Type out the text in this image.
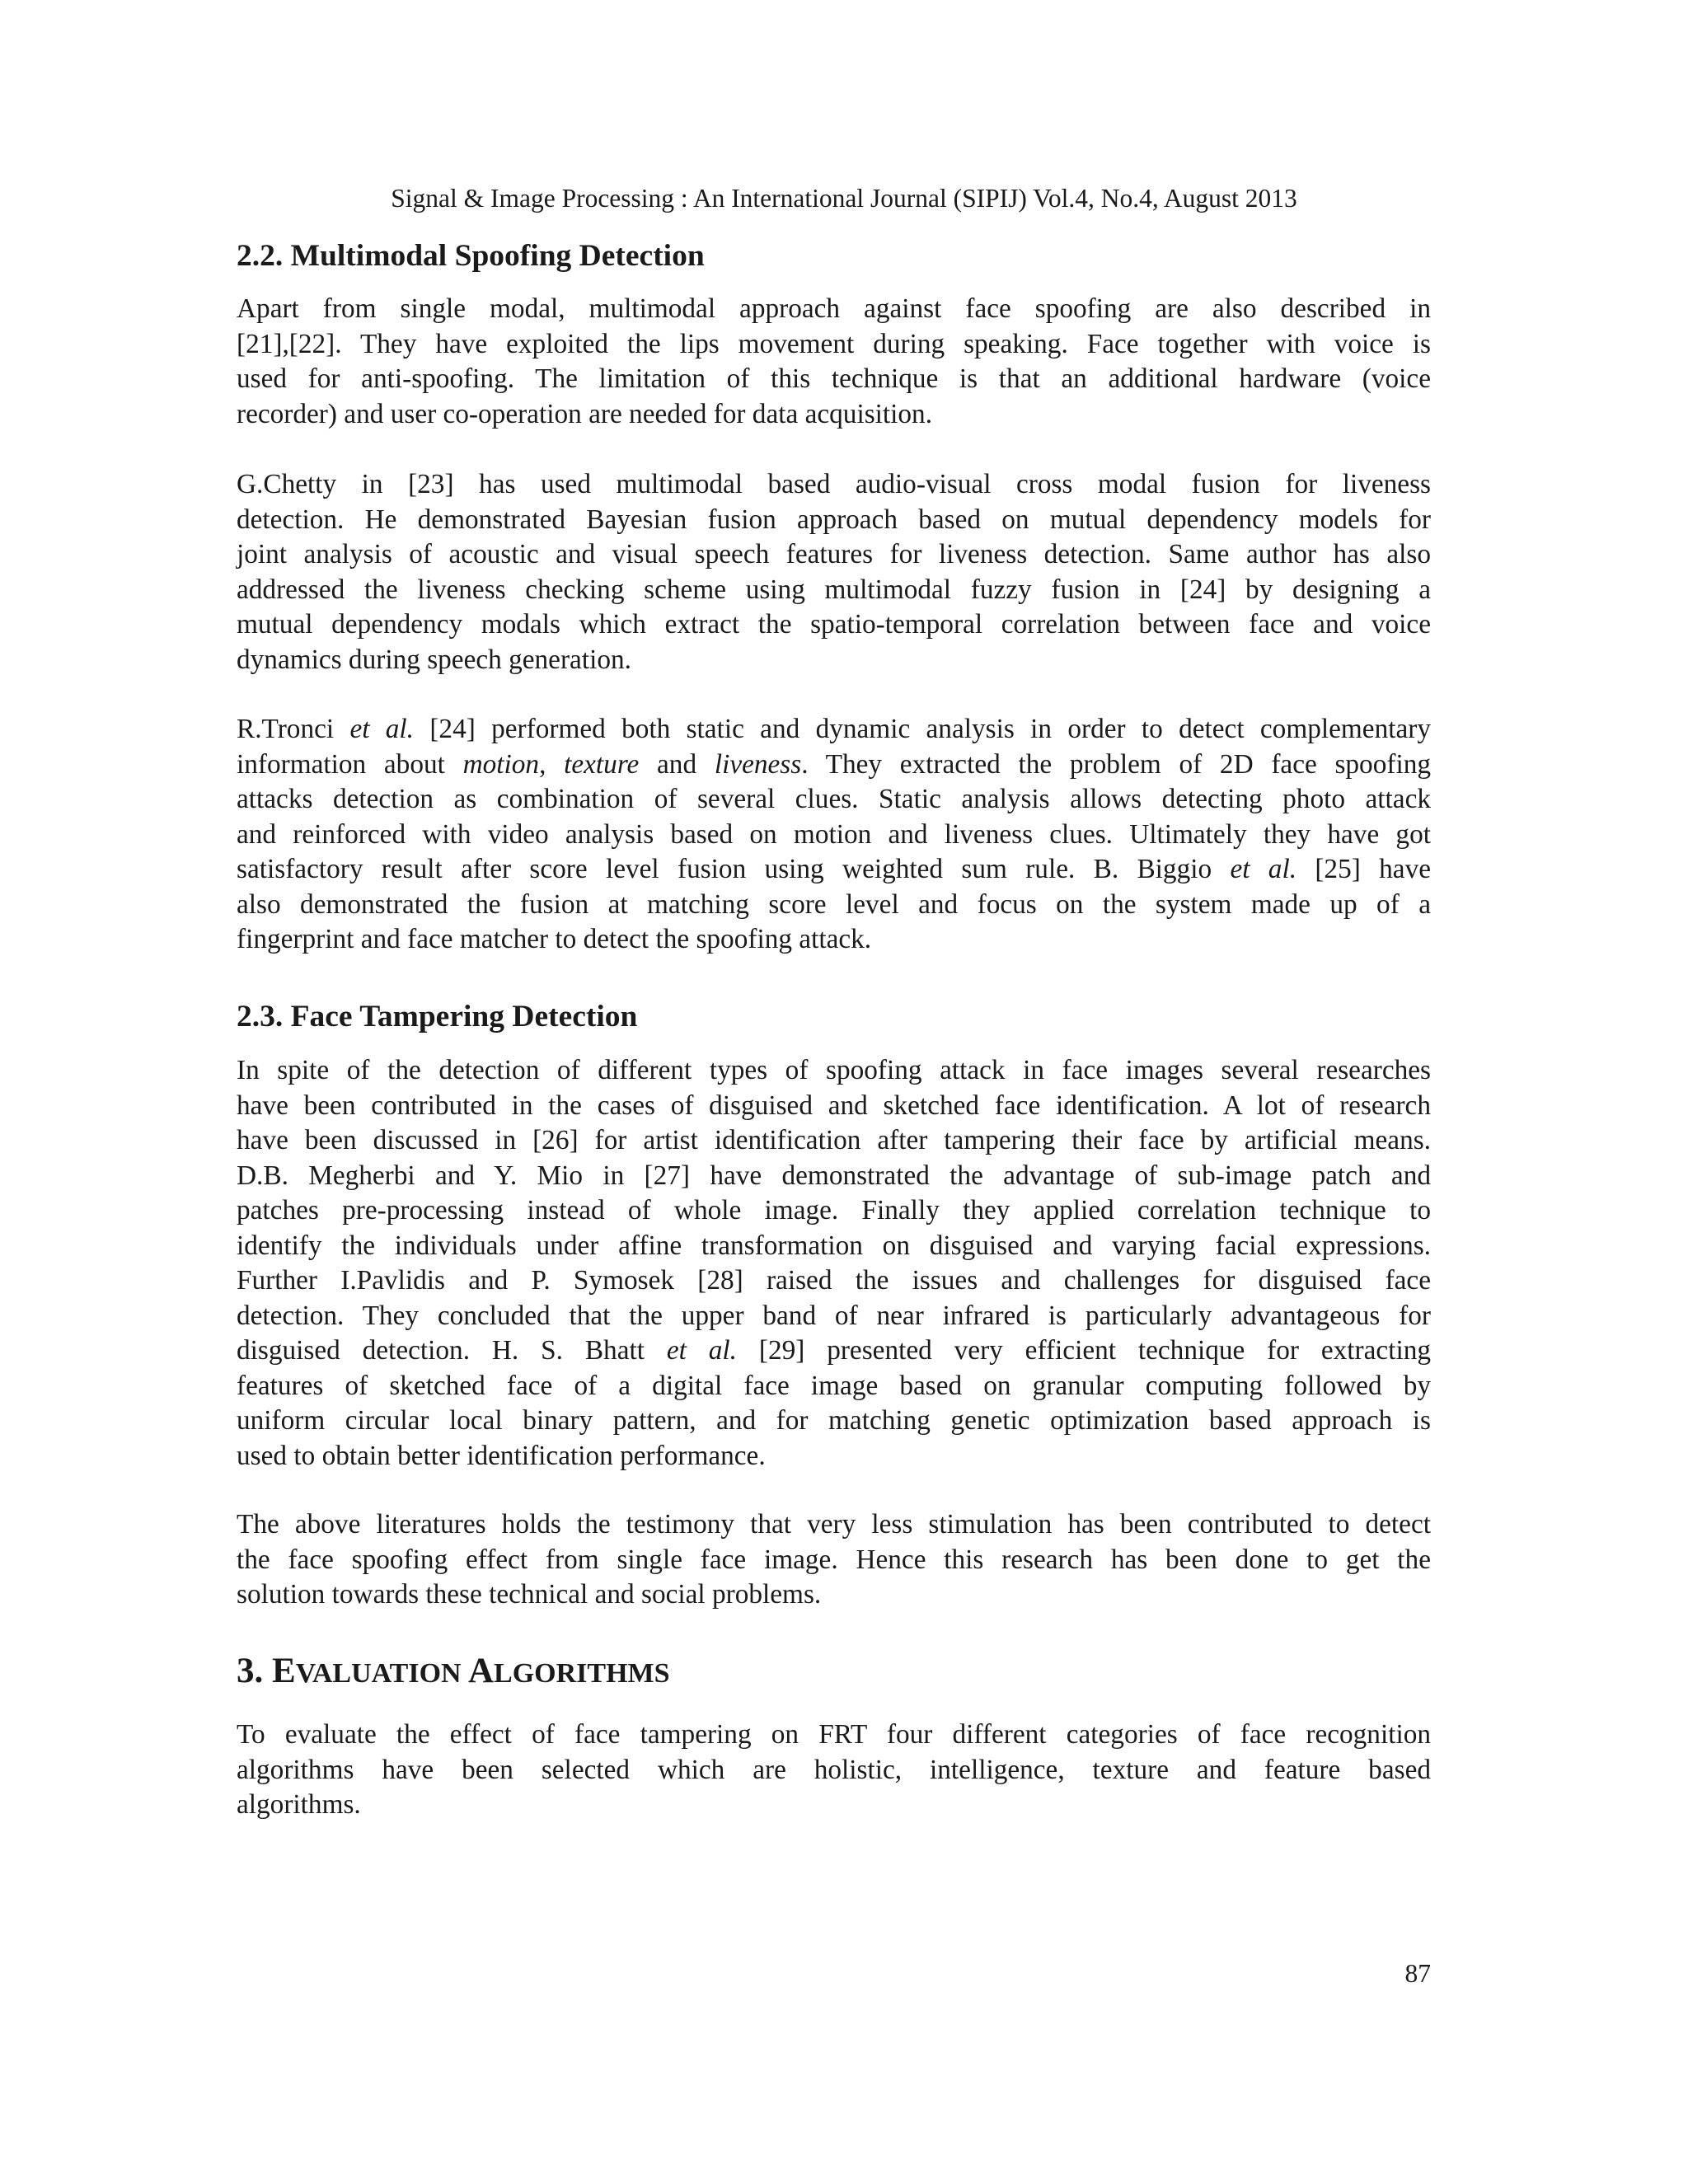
Signal & Image Processing : An International Journal (SIPIJ) Vol.4, No.4, August 2013
2.2. Multimodal Spoofing Detection
Apart from single modal, multimodal approach against face spoofing are also described in
[21],[22]. They have exploited the lips movement during speaking. Face together with voice is
used for anti-spoofing. The limitation of this technique is that an additional hardware (voice
recorder) and user co-operation are needed for data acquisition.
G.Chetty in [23] has used multimodal based audio-visual cross modal fusion for liveness
detection. He demonstrated Bayesian fusion approach based on mutual dependency models for
joint analysis of acoustic and visual speech features for liveness detection. Same author has also
addressed the liveness checking scheme using multimodal fuzzy fusion in [24] by designing a
mutual dependency modals which extract the spatio-temporal correlation between face and voice
dynamics during speech generation.
R.Tronci et al. [24] performed both static and dynamic analysis in order to detect complementary
information about motion, texture and liveness. They extracted the problem of 2D face spoofing
attacks detection as combination of several clues. Static analysis allows detecting photo attack
and reinforced with video analysis based on motion and liveness clues. Ultimately they have got
satisfactory result after score level fusion using weighted sum rule. B. Biggio et al. [25] have
also demonstrated the fusion at matching score level and focus on the system made up of a
fingerprint and face matcher to detect the spoofing attack.
2.3. Face Tampering Detection
In spite of the detection of different types of spoofing attack in face images several researches
have been contributed in the cases of disguised and sketched face identification. A lot of research
have been discussed in [26] for artist identification after tampering their face by artificial means.
D.B. Megherbi and Y. Mio in [27] have demonstrated the advantage of sub-image patch and
patches pre-processing instead of whole image. Finally they applied correlation technique to
identify the individuals under affine transformation on disguised and varying facial expressions.
Further I.Pavlidis and P. Symosek [28] raised the issues and challenges for disguised face
detection. They concluded that the upper band of near infrared is particularly advantageous for
disguised detection. H. S. Bhatt et al. [29] presented very efficient technique for extracting
features of sketched face of a digital face image based on granular computing followed by
uniform circular local binary pattern, and for matching genetic optimization based approach is
used to obtain better identification performance.
The above literatures holds the testimony that very less stimulation has been contributed to detect
the face spoofing effect from single face image. Hence this research has been done to get the
solution towards these technical and social problems.
3. EVALUATION ALGORITHMS
To evaluate the effect of face tampering on FRT four different categories of face recognition
algorithms have been selected which are holistic, intelligence, texture and feature based
algorithms.
87
